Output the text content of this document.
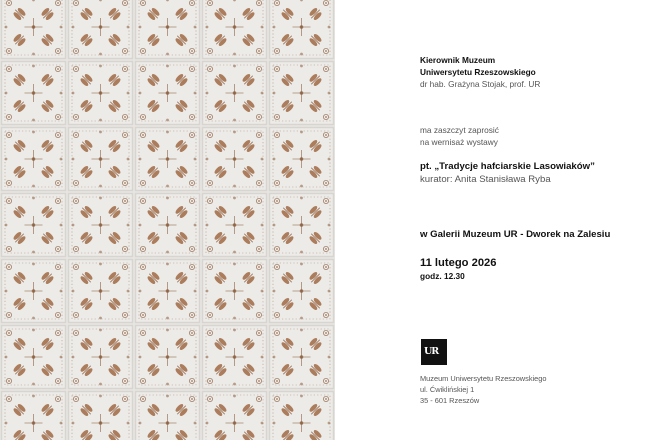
Kierownik Muzeum
Uniwersytetu Rzeszowskiego
dr hab. Grażyna Stojak, prof. UR
ma zaszczyt zaprosić
na wernisaż wystawy
pt. „Tradycje hafciarskie Lasowiaków”
kurator: Anita Stanisława Ryba
w Galerii Muzeum UR - Dworek na Zalesiu
11 lutego 2026
godz. 12.30
Muzeum Uniwersytetu Rzeszowskiego
ul. Ćwiklińskiej 1
35 - 601 Rzeszów
UR
